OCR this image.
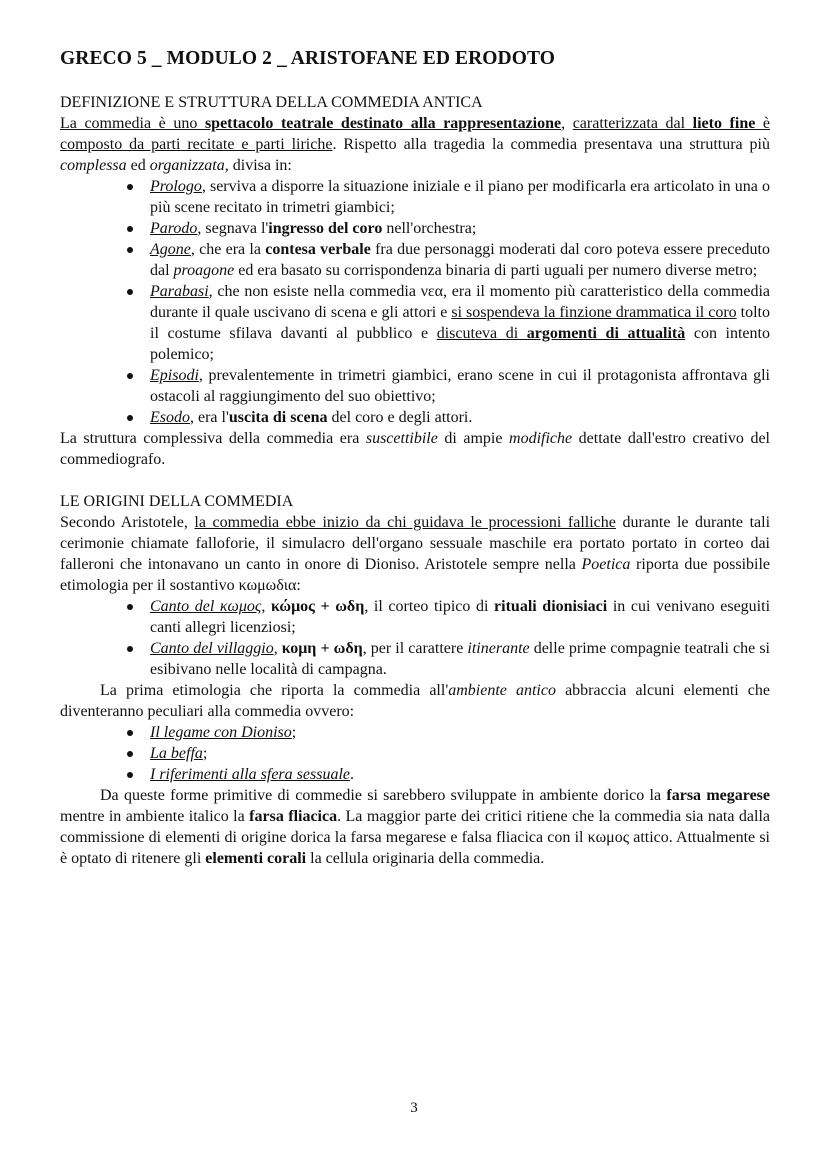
GRECO 5 _ MODULO 2 _ ARISTOFANE ED ERODOTO
DEFINIZIONE E STRUTTURA DELLA COMMEDIA ANTICA

La commedia è uno spettacolo teatrale destinato alla rappresentazione, caratterizzata dal lieto fine è composto da parti recitate e parti liriche. Rispetto alla tragedia la commedia presentava una struttura più complessa ed organizzata, divisa in:

Prologo, serviva a disporre la situazione iniziale e il piano per modificarla era articolato in una o più scene recitato in trimetri giambici;
Parodo, segnava l'ingresso del coro nell'orchestra;
Agone, che era la contesa verbale fra due personaggi moderati dal coro poteva essere preceduto dal proagone ed era basato su corrispondenza binaria di parti uguali per numero diverse metro;
Parabasi, che non esiste nella commedia νεα, era il momento più caratteristico della commedia durante il quale uscivano di scena e gli attori e si sospendeva la finzione drammatica il coro tolto il costume sfilava davanti al pubblico e discuteva di argomenti di attualità con intento polemico;
Episodi, prevalentemente in trimetri giambici, erano scene in cui il protagonista affrontava gli ostacoli al raggiungimento del suo obiettivo;
Esodo, era l'uscita di scena del coro e degli attori.

La struttura complessiva della commedia era suscettibile di ampie modifiche dettate dall'estro creativo del commediografo.

LE ORIGINI DELLA COMMEDIA

Secondo Aristotele, la commedia ebbe inizio da chi guidava le processioni falliche durante le durante tali cerimonie chiamate falloforie, il simulacro dell'organo sessuale maschile era portato portato in corteo dai falleroni che intonavano un canto in onore di Dioniso. Aristotele sempre nella Poetica riporta due possibile etimologia per il sostantivo κωμωδια:

Canto del κωμος, κώμος + ωδη, il corteo tipico di rituali dionisiaci in cui venivano eseguiti canti allegri licenziosi;
Canto del villaggio, κομη + ωδη, per il carattere itinerante delle prime compagnie teatrali che si esibivano nelle località di campagna.

La prima etimologia che riporta la commedia all'ambiente antico abbraccia alcuni elementi che diventeranno peculiari alla commedia ovvero:

Il legame con Dioniso;
La beffa;
I riferimenti alla sfera sessuale.

Da queste forme primitive di commedie si sarebbero sviluppate in ambiente dorico la farsa megarese mentre in ambiente italico la farsa fliacica. La maggior parte dei critici ritiene che la commedia sia nata dalla commissione di elementi di origine dorica la farsa megarese e falsa fliacica con il κωμος attico. Attualmente si è optato di ritenere gli elementi corali la cellula originaria della commedia.

3
